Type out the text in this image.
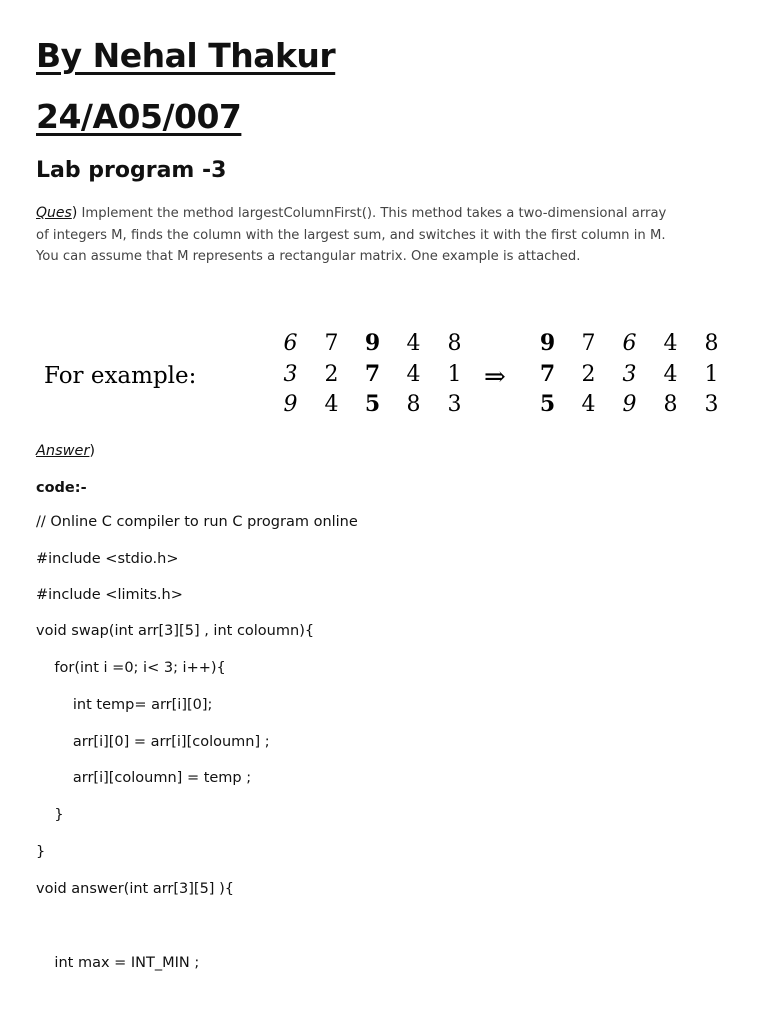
By Nehal Thakur
24/A05/007
Lab program -3
Ques) Implement the method largestColumnFirst(). This method takes a two-dimensional array of integers M, finds the column with the largest sum, and switches it with the first column in M. You can assume that M represents a rectangular matrix. One example is attached.
For example:
6 7 9 4 8
3 2 7 4 1
9 4 5 8 3
⇒
9 7 6 4 8
7 2 3 4 1
5 4 9 8 3
Answer)
code:-
// Online C compiler to run C program online
#include <stdio.h>
#include <limits.h>
void swap(int arr[3][5] , int coloumn){
for(int i =0; i< 3; i++){
int temp= arr[i][0];
arr[i][0] = arr[i][coloumn] ;
arr[i][coloumn] = temp ;
}
}
void answer(int arr[3][5] ){
int max = INT_MIN ;
